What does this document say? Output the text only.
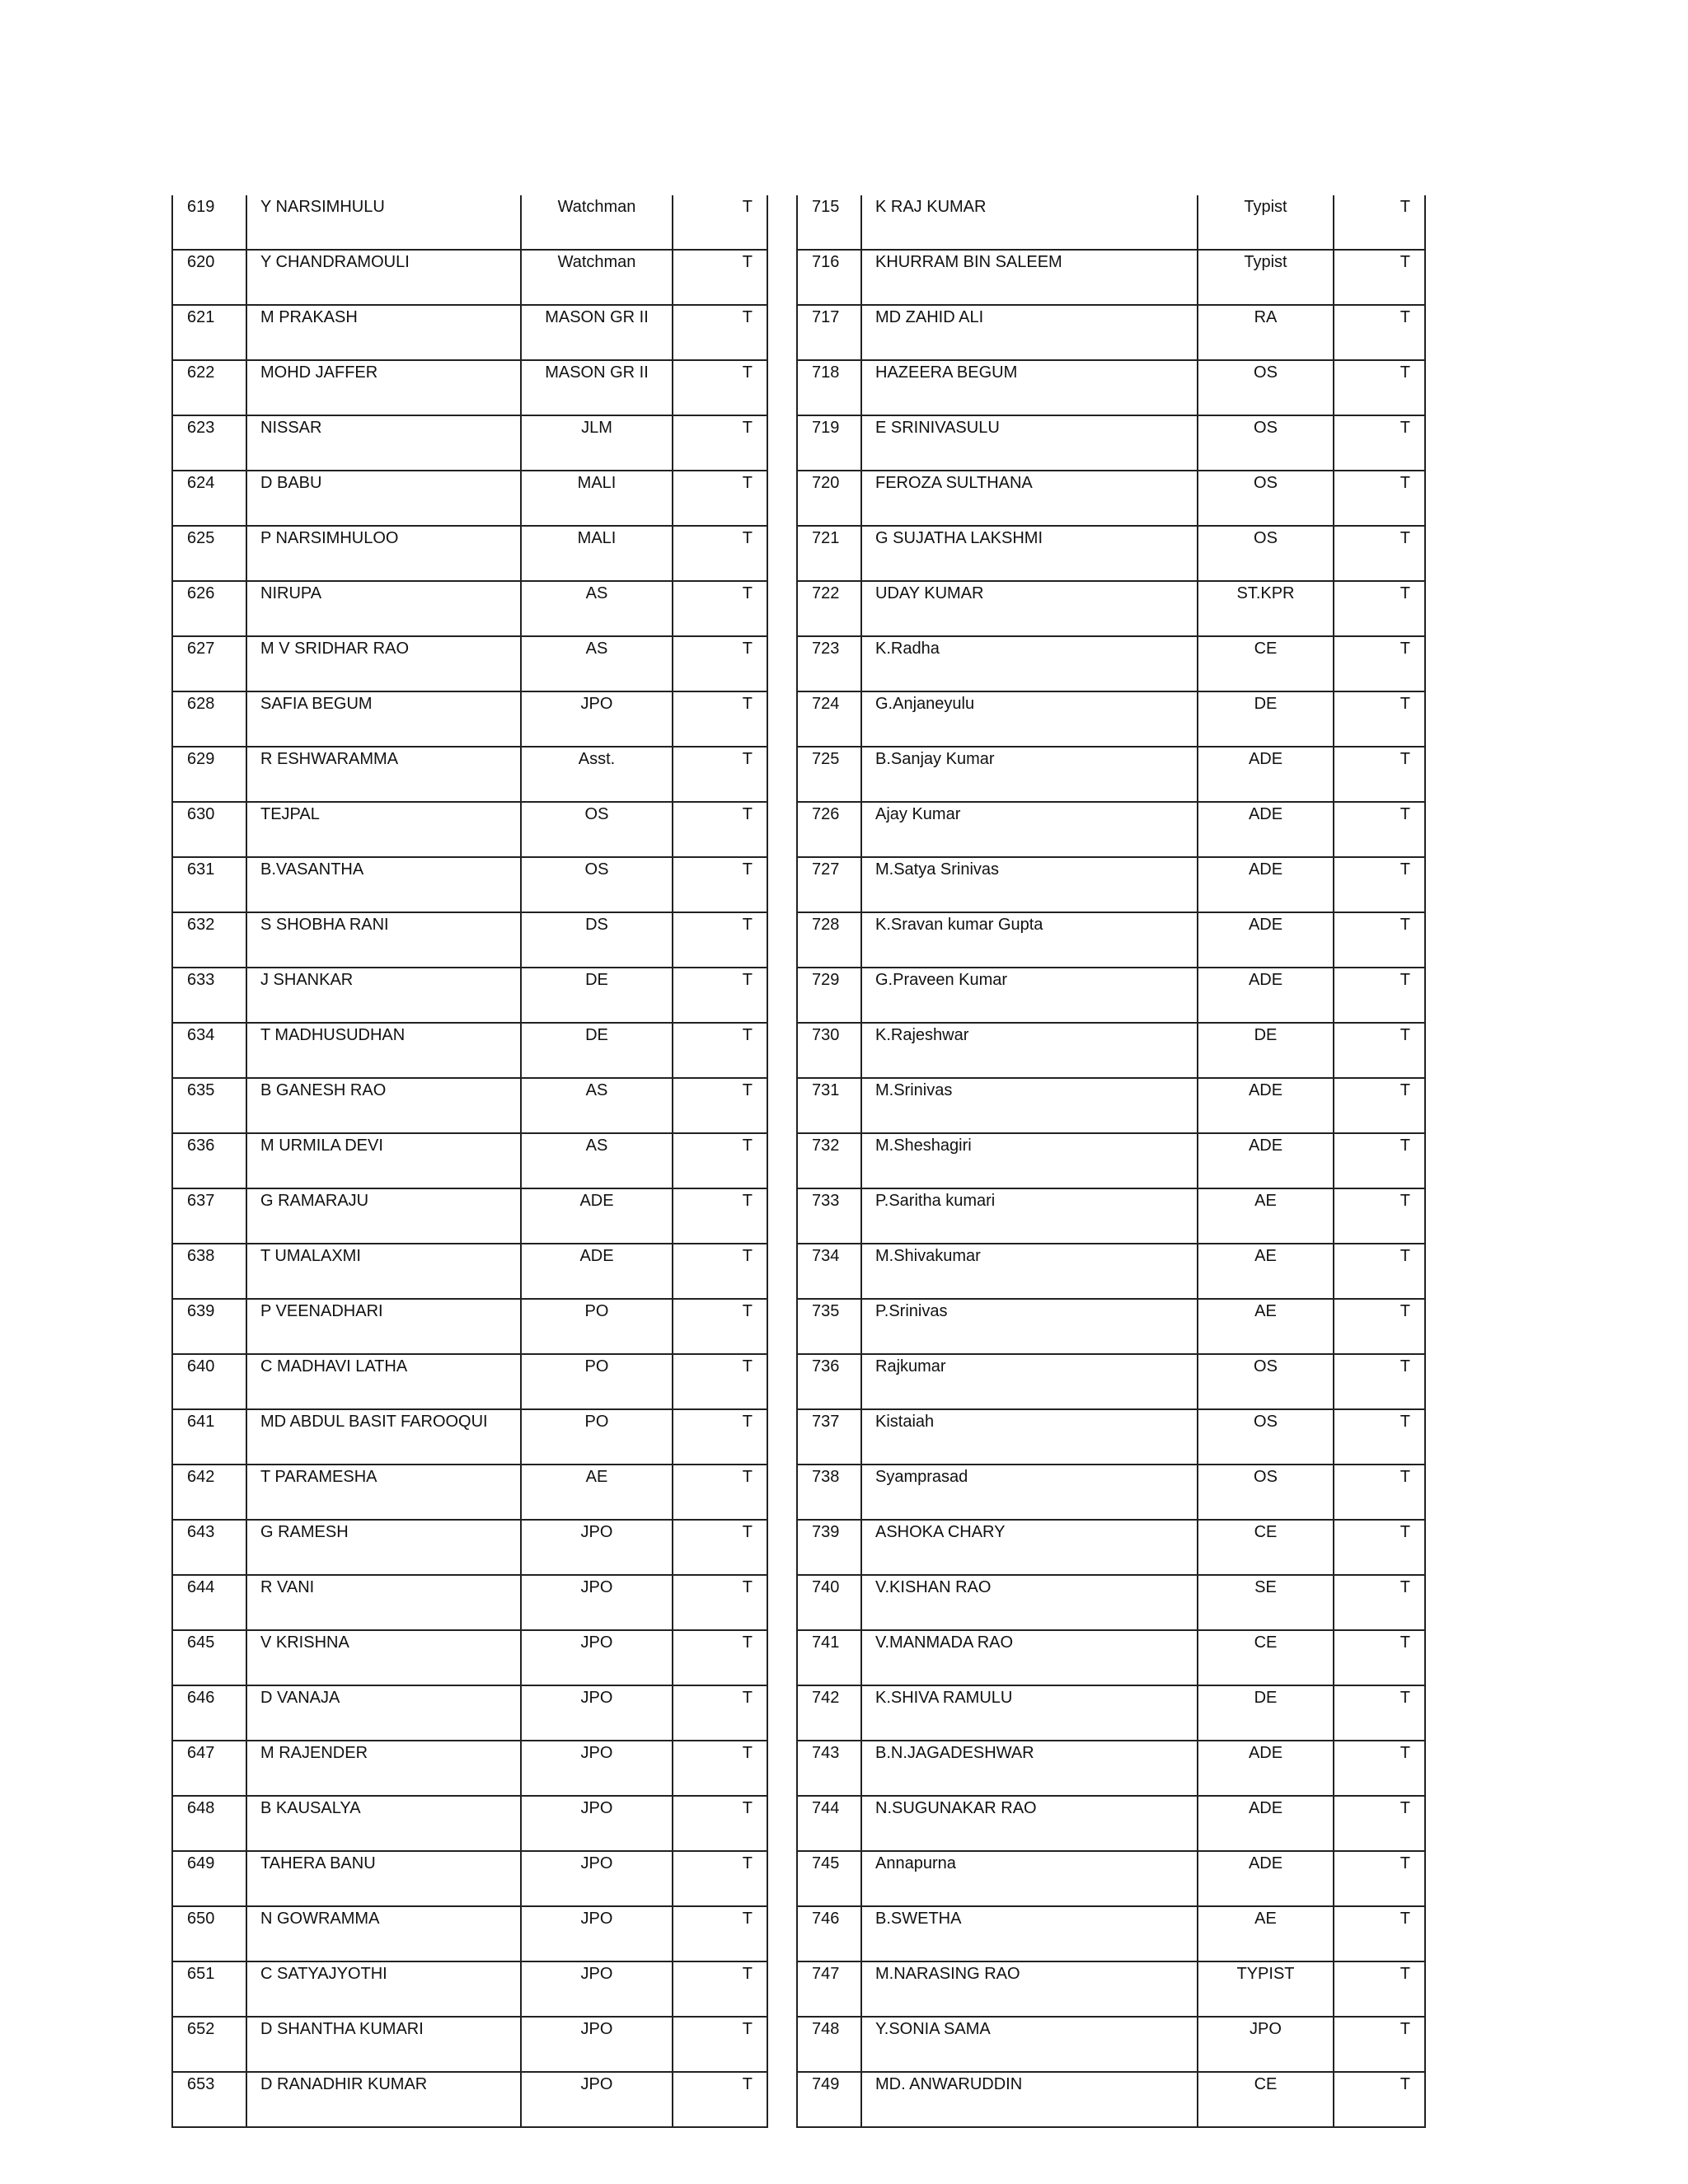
619	Y NARSIMHULU	Watchman	T
620	Y CHANDRAMOULI	Watchman	T
621	M PRAKASH	MASON GR II	T
622	MOHD JAFFER	MASON GR II	T
623	NISSAR	JLM	T
624	D BABU	MALI	T
625	P NARSIMHULOO	MALI	T
626	NIRUPA	AS	T
627	M V SRIDHAR RAO	AS	T
628	SAFIA BEGUM	JPO	T
629	R ESHWARAMMA	Asst.	T
630	TEJPAL	OS	T
631	B.VASANTHA	OS	T
632	S SHOBHA RANI	DS	T
633	J SHANKAR	DE	T
634	T MADHUSUDHAN	DE	T
635	B GANESH RAO	AS	T
636	M URMILA DEVI	AS	T
637	G RAMARAJU	ADE	T
638	T UMALAXMI	ADE	T
639	P VEENADHARI	PO	T
640	C MADHAVI LATHA	PO	T
641	MD ABDUL BASIT FAROOQUI	PO	T
642	T PARAMESHA	AE	T
643	G RAMESH	JPO	T
644	R VANI	JPO	T
645	V KRISHNA	JPO	T
646	D VANAJA	JPO	T
647	M RAJENDER	JPO	T
648	B KAUSALYA	JPO	T
649	TAHERA BANU	JPO	T
650	N GOWRAMMA	JPO	T
651	C SATYAJYOTHI	JPO	T
652	D SHANTHA KUMARI	JPO	T
653	D RANADHIR KUMAR	JPO	T
715	K RAJ KUMAR	Typist	T
716	KHURRAM BIN SALEEM	Typist	T
717	MD ZAHID ALI	RA	T
718	HAZEERA BEGUM	OS	T
719	E SRINIVASULU	OS	T
720	FEROZA SULTHANA	OS	T
721	G SUJATHA LAKSHMI	OS	T
722	UDAY KUMAR	ST.KPR	T
723	K.Radha	CE	T
724	G.Anjaneyulu	DE	T
725	B.Sanjay Kumar	ADE	T
726	Ajay Kumar	ADE	T
727	M.Satya Srinivas	ADE	T
728	K.Sravan kumar Gupta	ADE	T
729	G.Praveen Kumar	ADE	T
730	K.Rajeshwar	DE	T
731	M.Srinivas	ADE	T
732	M.Sheshagiri	ADE	T
733	P.Saritha kumari	AE	T
734	M.Shivakumar	AE	T
735	P.Srinivas	AE	T
736	Rajkumar	OS	T
737	Kistaiah	OS	T
738	Syamprasad	OS	T
739	ASHOKA CHARY	CE	T
740	V.KISHAN RAO	SE	T
741	V.MANMADA RAO	CE	T
742	K.SHIVA RAMULU	DE	T
743	B.N.JAGADESHWAR	ADE	T
744	N.SUGUNAKAR RAO	ADE	T
745	Annapurna	ADE	T
746	B.SWETHA	AE	T
747	M.NARASING RAO	TYPIST	T
748	Y.SONIA SAMA	JPO	T
749	MD. ANWARUDDIN	CE	T
